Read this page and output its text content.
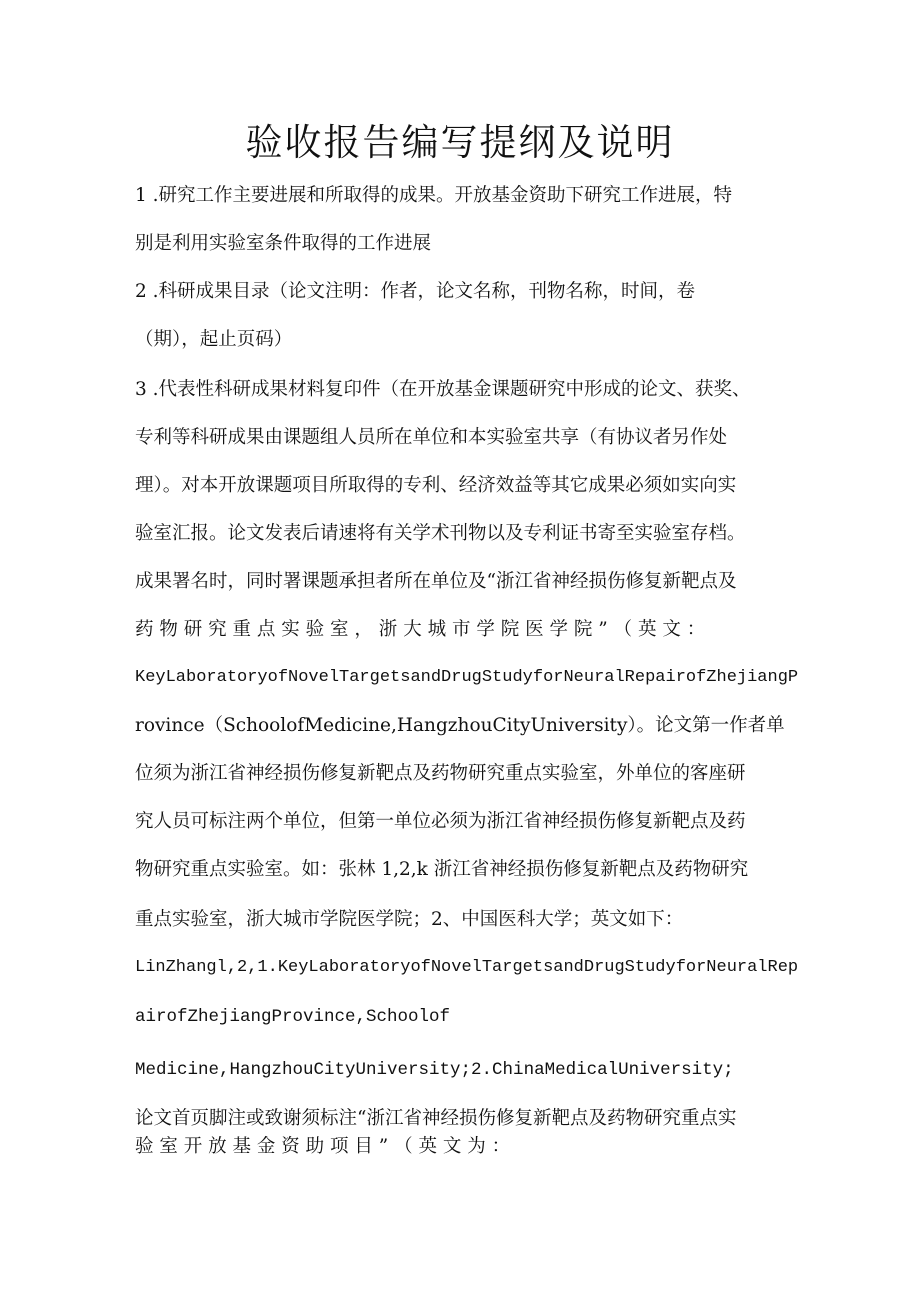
验收报告编写提纲及说明
1 .研究工作主要进展和所取得的成果。开放基金资助下研究工作进展，特
别是利用实验室条件取得的工作进展
2 .科研成果目录（论文注明：作者，论文名称，刊物名称，时间，卷
（期），起止页码）
3 .代表性科研成果材料复印件（在开放基金课题研究中形成的论文、获奖、
专利等科研成果由课题组人员所在单位和本实验室共享（有协议者另作处
理）。对本开放课题项目所取得的专利、经济效益等其它成果必须如实向实
验室汇报。论文发表后请速将有关学术刊物以及专利证书寄至实验室存档。
成果署名时，同时署课题承担者所在单位及“浙江省神经损伤修复新靶点及
药 物 研 究 重 点 实 验 室 ， 浙 大 城 市 学 院 医 学 院 ” （ 英 文 ：
KeyLaboratoryofNovelTargetsandDrugStudyforNeuralRepairofZhejiangP
rovince（SchoolofMedicine,HangzhouCityUniversity）。论文第一作者单
位须为浙江省神经损伤修复新靶点及药物研究重点实验室，外单位的客座研
究人员可标注两个单位，但第一单位必须为浙江省神经损伤修复新靶点及药
物研究重点实验室。如：张林 1,2,k 浙江省神经损伤修复新靶点及药物研究
重点实验室，浙大城市学院医学院；2、中国医科大学；英文如下：
LinZhangl,2,1.KeyLaboratoryofNovelTargetsandDrugStudyforNeuralRep
airofZhejiangProvince,Schoolof
Medicine,HangzhouCityUniversity;2.ChinaMedicalUniversity;
论文首页脚注或致谢须标注“浙江省神经损伤修复新靶点及药物研究重点实
验 室 开 放 基 金 资 助 项 目 ” （ 英 文 为 ：
